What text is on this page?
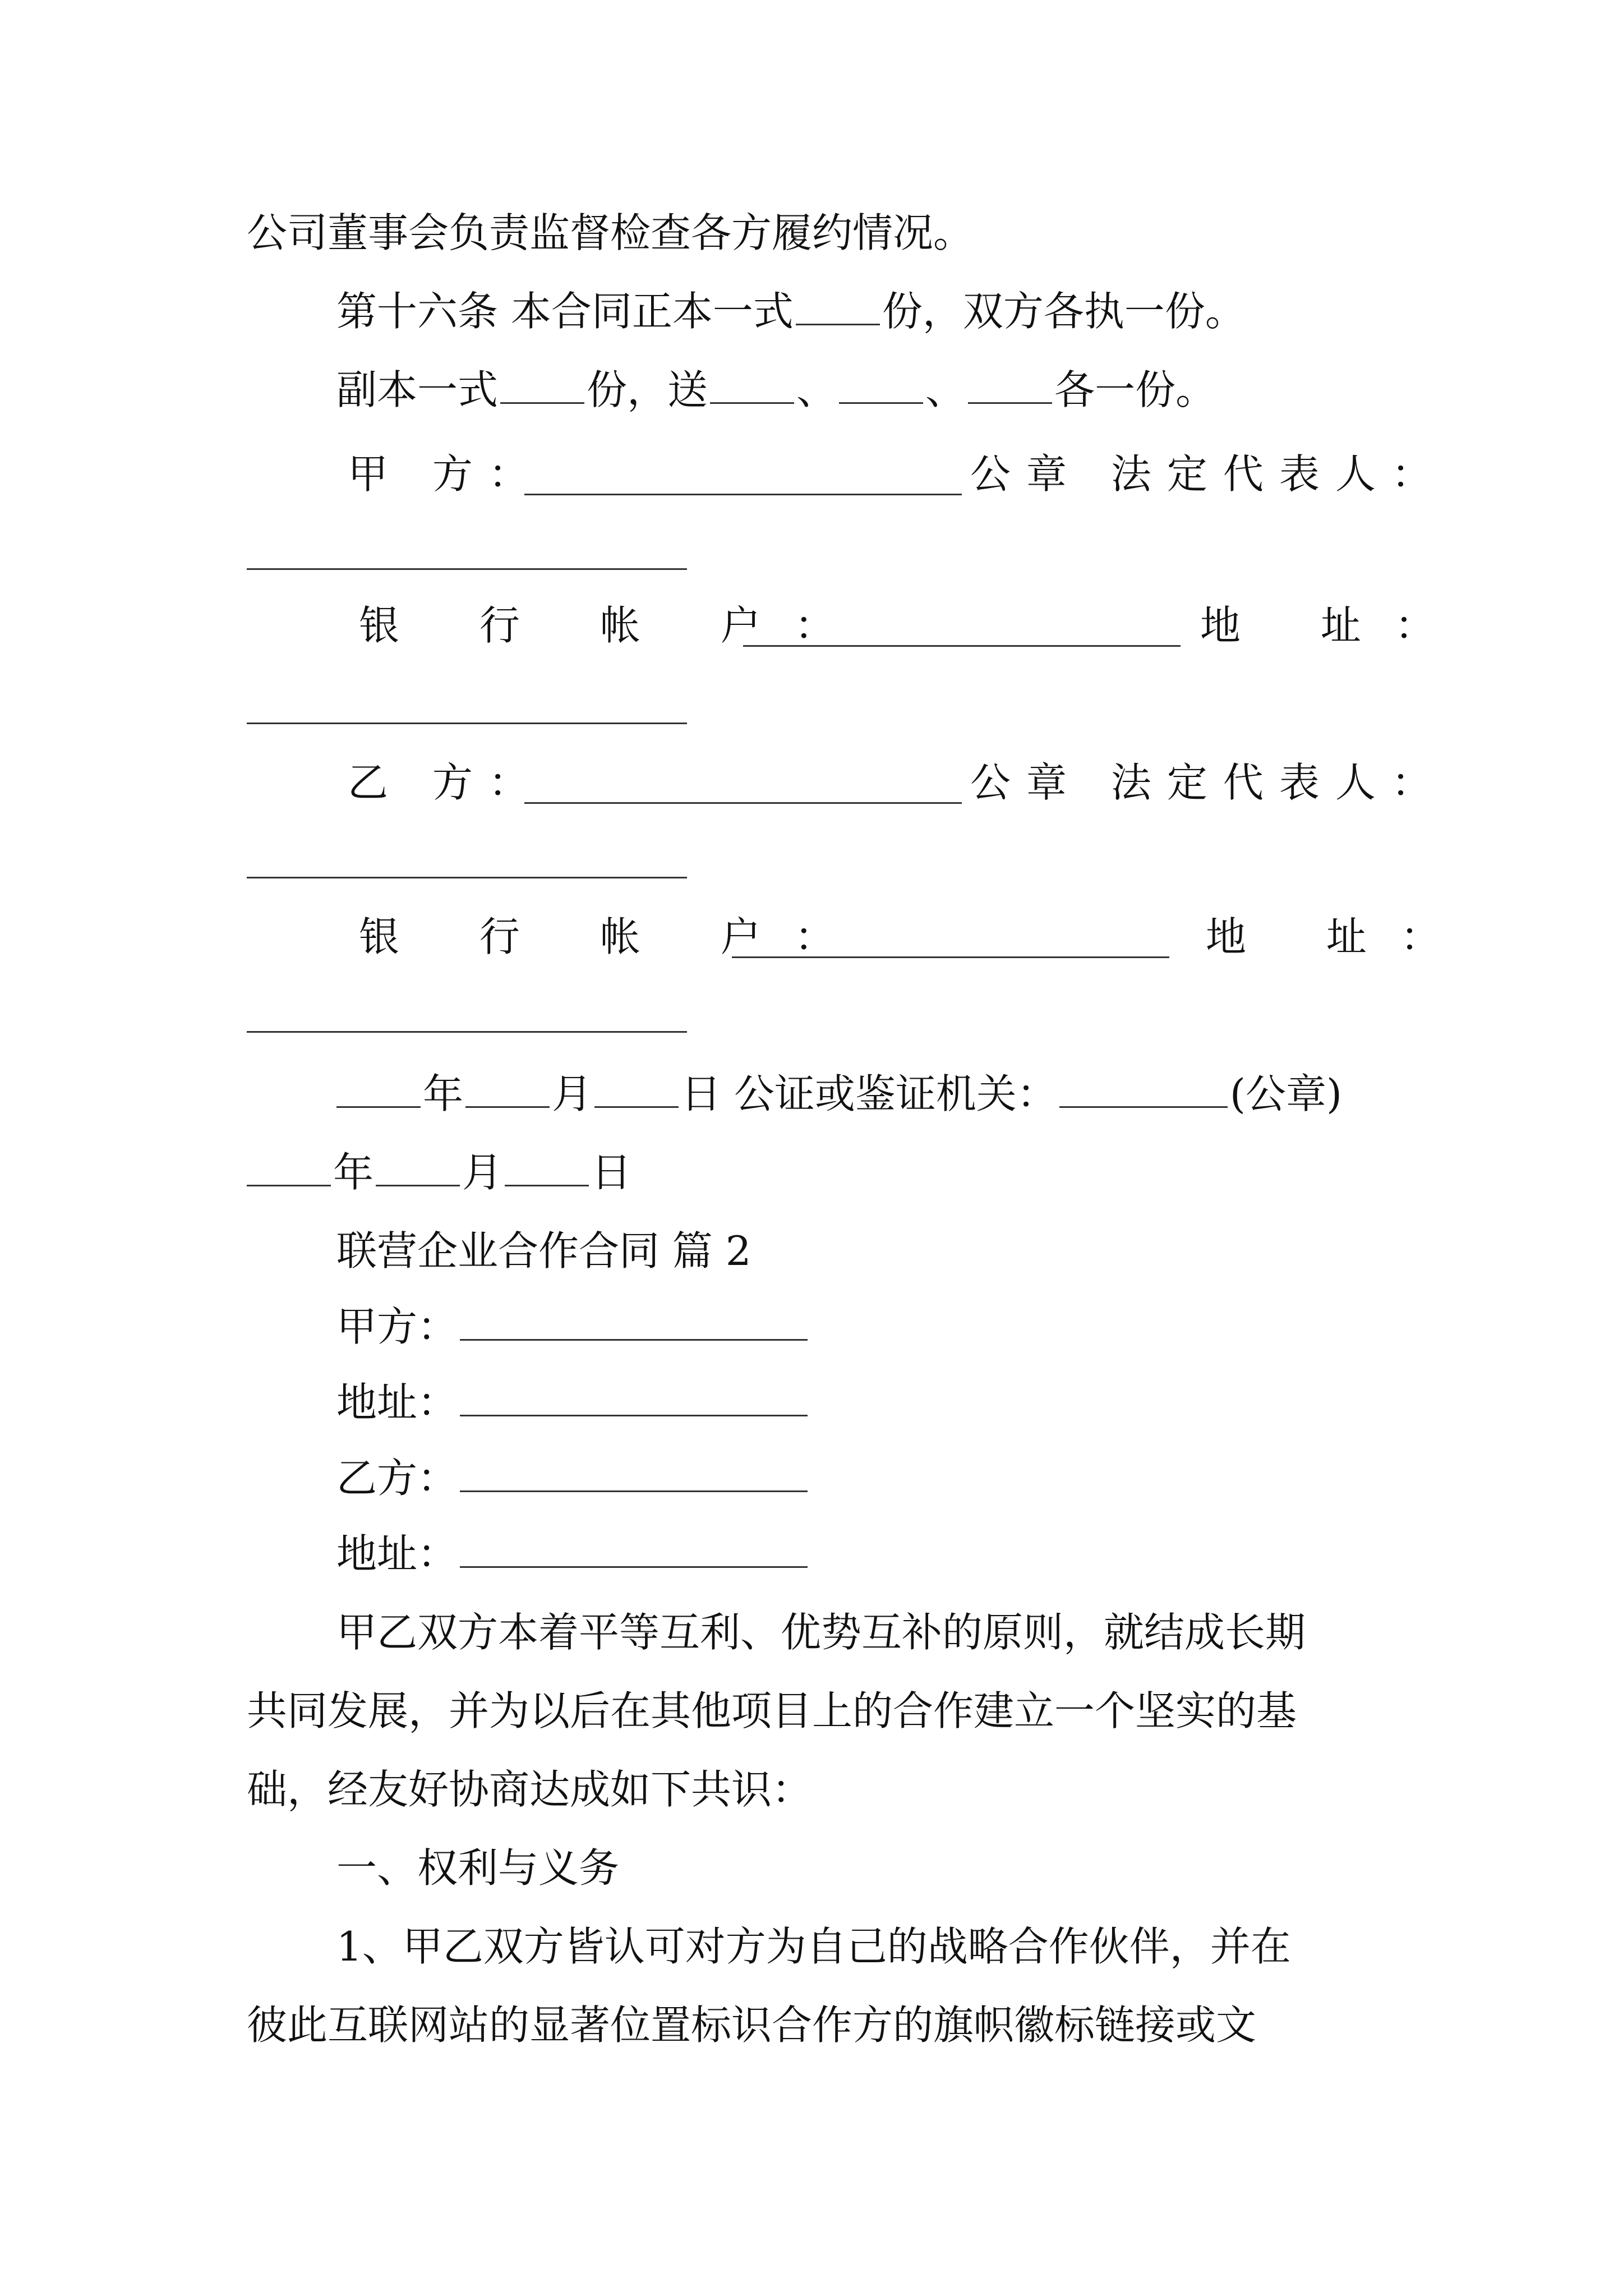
公司董事会负责监督检查各方履约情况。
第十六条 本合同正本一式 份，双方各执一份。
副本一式 份，送 、 、 各一份。
甲 方：	公章 法定代表人：
银 行 帐 户：	地 址：
乙 方：	公章 法定代表人：
银 行 帐 户：	地 址：
年 月 日 公证或鉴证机关：	(公章)
年 月 日
联营企业合作合同 篇 2
甲方：
地址：
乙方：
地址：
甲乙双方本着平等互利、优势互补的原则，就结成长期
共同发展，并为以后在其他项目上的合作建立一个坚实的基
础，经友好协商达成如下共识：
一、权利与义务
1、甲乙双方皆认可对方为自己的战略合作伙伴，并在
彼此互联网站的显著位置标识合作方的旗帜徽标链接或文
